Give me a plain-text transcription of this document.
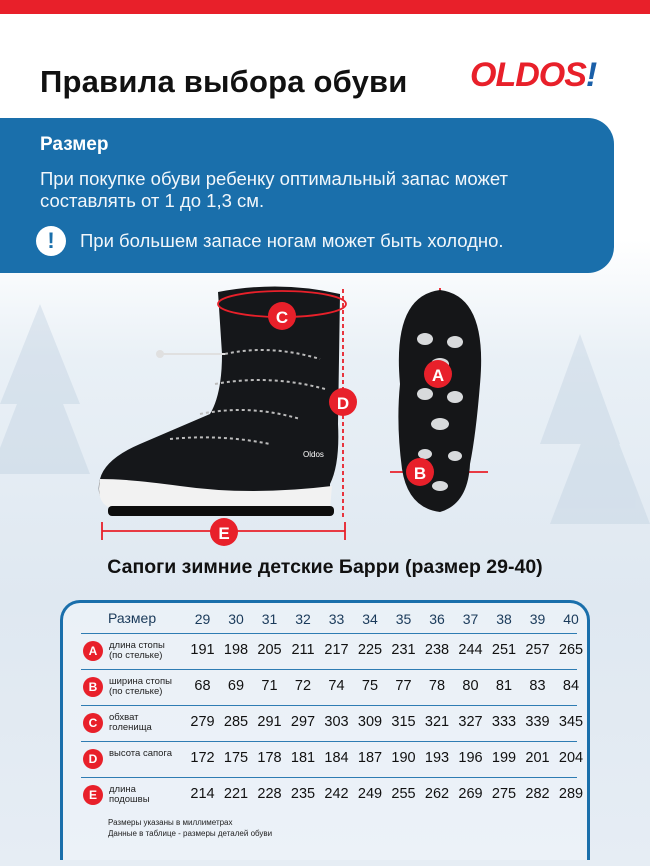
Правила выбора обуви OLDOS!
Размер
При покупке обуви ребенку оптимальный запас может составлять от 1 до 1,3 см.
!	При большем запасе ногам может быть холодно.
Oldos
C
D
E
A
B
Сапоги зимние детские Барри (размер 29-40)
Размер	29	30	31	32	33	34	35	36	37	38	39	40
A	длина стопы
(по стельке)	191 198 205 211 217 225 231 238 244 251 257 265
B	ширина стопы
(по стельке)	68	69	71	72	74	75	77	78	80	81	83	84
C	обхват
голенища	279 285 291 297 303 309 315 321 327 333 339 345
D	высота сапога	172 175 178 181 184 187 190 193 196 199 201 204
E	длина
подошвы	214 221 228 235 242 249 255 262 269 275 282 289
Размеры указаны в миллиметрах
Данные в таблице - размеры деталей обуви
